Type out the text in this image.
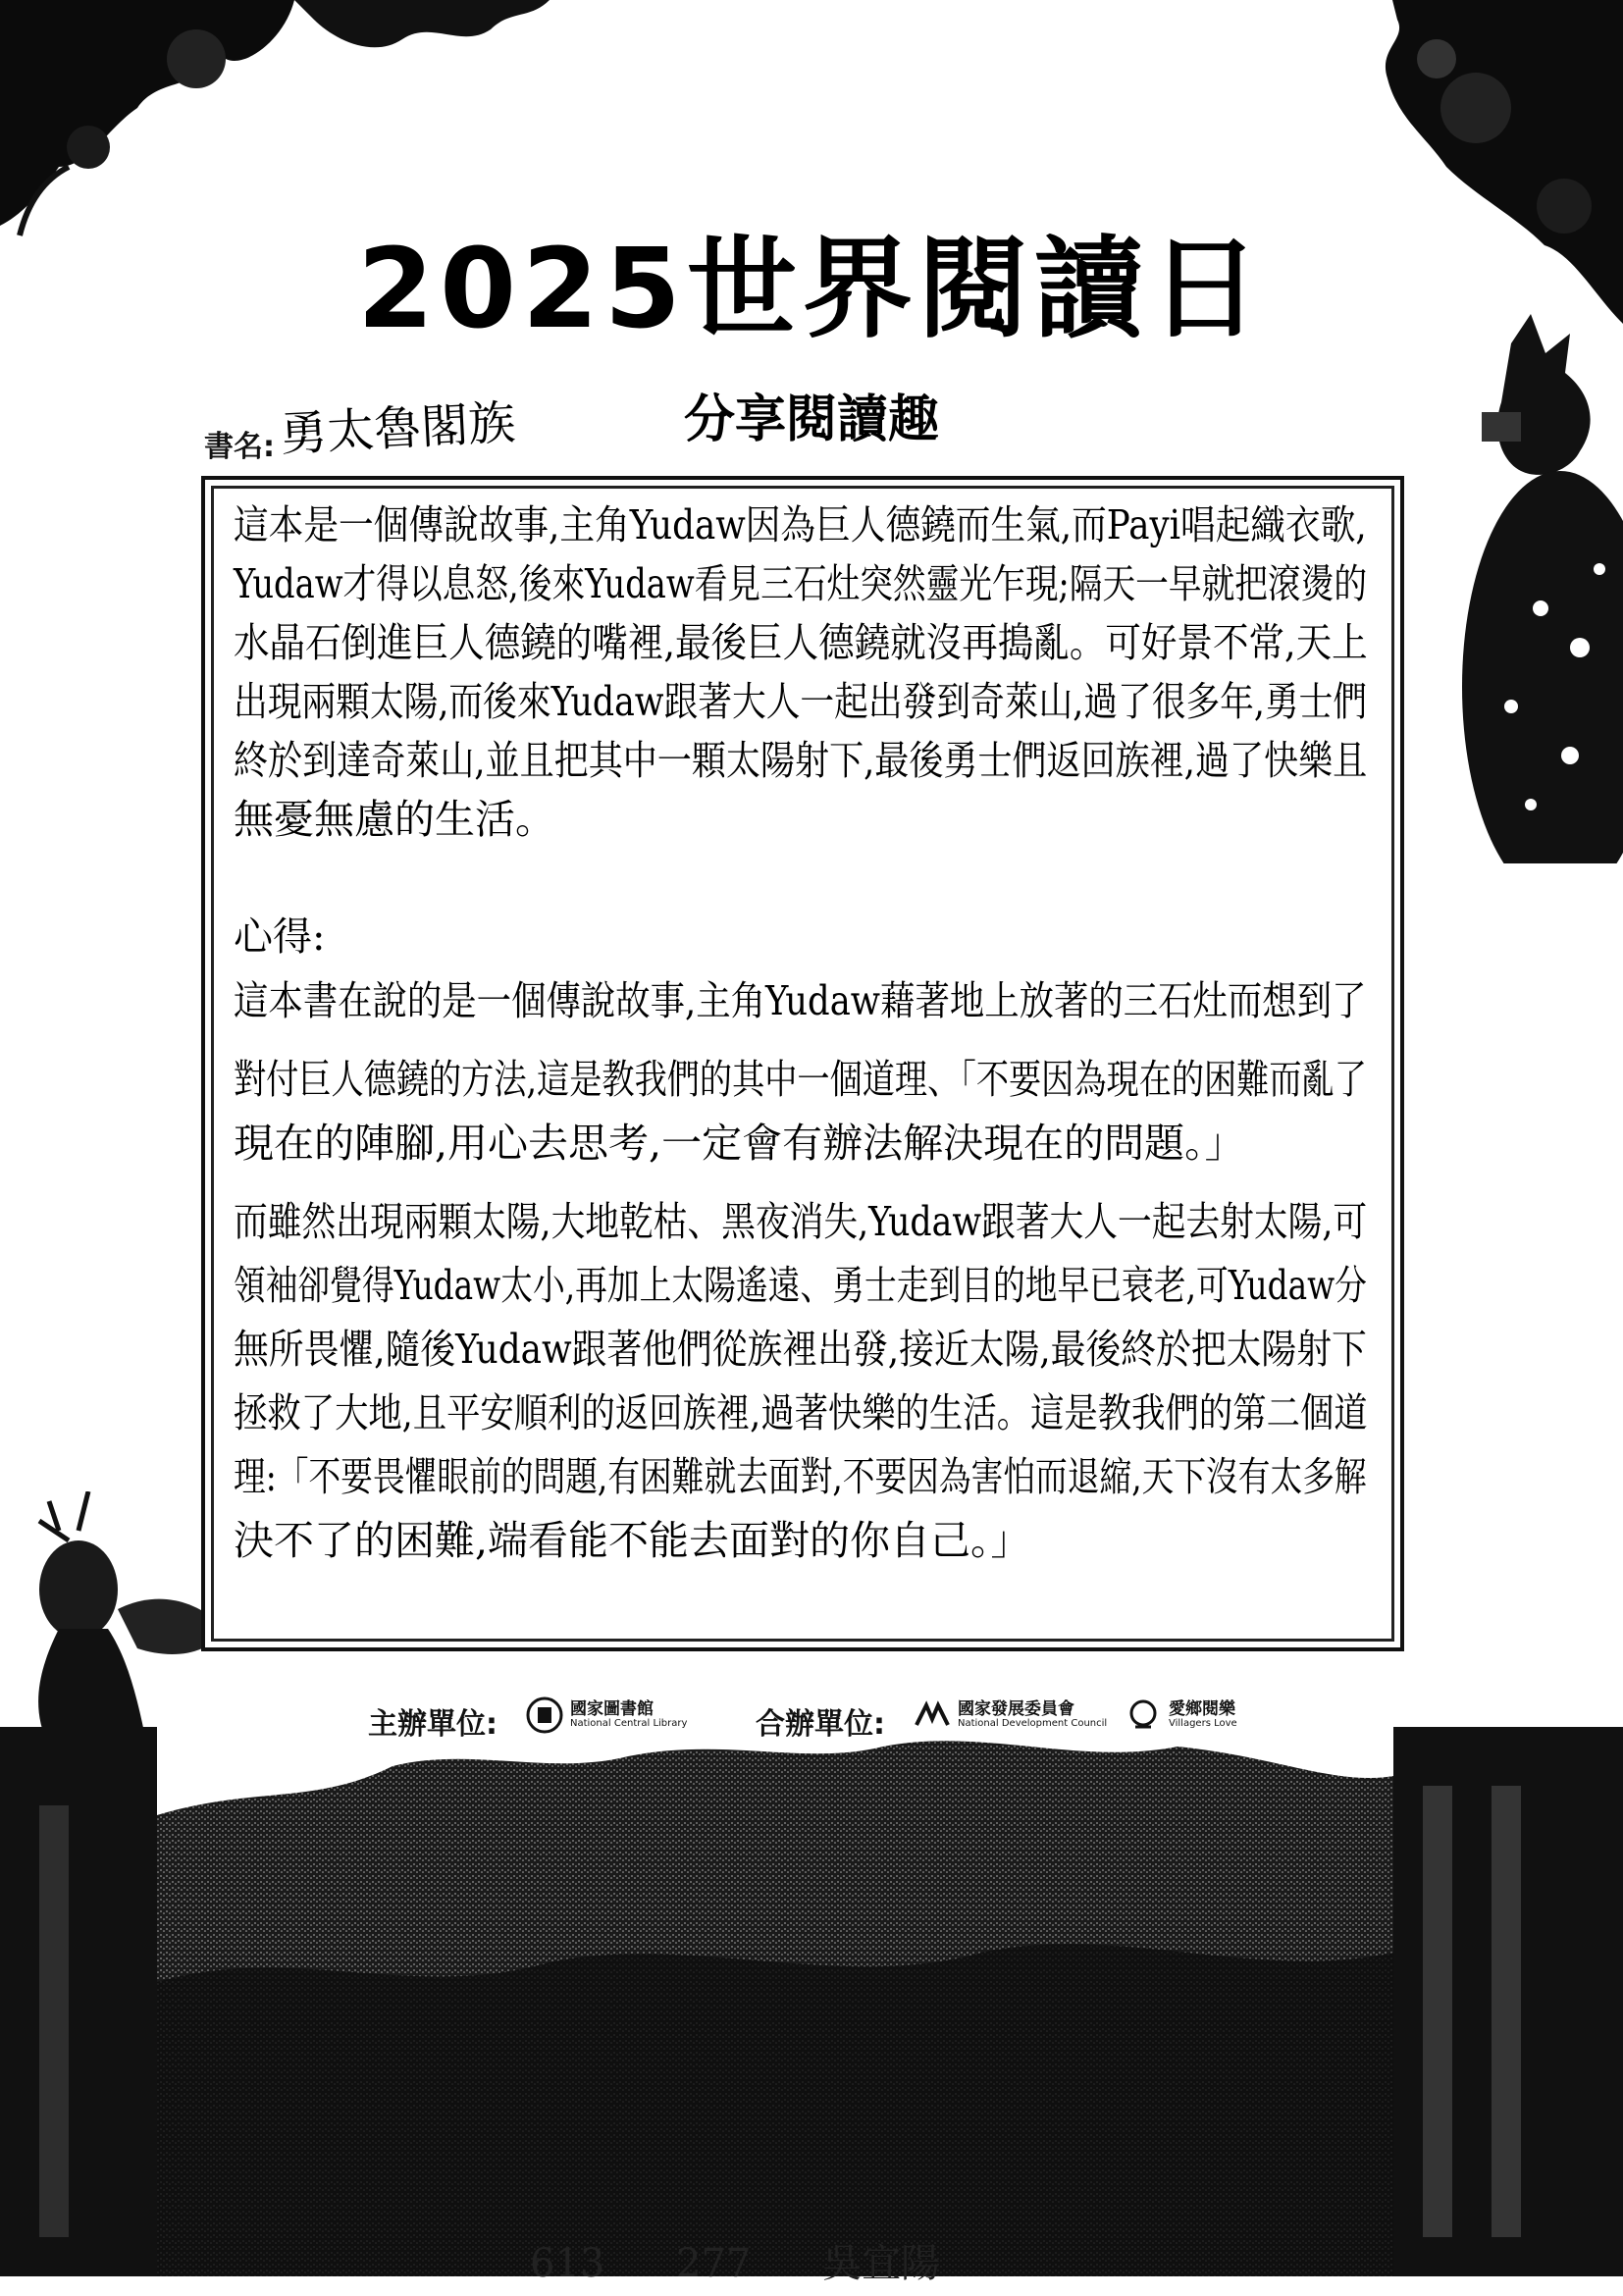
2025世界閱讀日
分享閱讀趣
書名: 勇太魯閣族
這本是一個傳說故事,主角Yudaw因為巨人德鐃而生氣,而Payi唱起織衣歌,
Yudaw才得以息怒,後來Yudaw看見三石灶突然靈光乍現;隔天一早就把滾燙的
水晶石倒進巨人德鐃的嘴裡,最後巨人德鐃就沒再搗亂。可好景不常,天上
出現兩顆太陽,而後來Yudaw跟著大人一起出發到奇萊山,過了很多年,勇士們
終於到達奇萊山,並且把其中一顆太陽射下,最後勇士們返回族裡,過了快樂且
無憂無慮的生活。
心得:
這本書在說的是一個傳說故事,主角Yudaw藉著地上放著的三石灶而想到了
對付巨人德鐃的方法,這是教我們的其中一個道理、「不要因為現在的困難而亂了
現在的陣腳,用心去思考,一定會有辦法解決現在的問題。」
而雖然出現兩顆太陽,大地乾枯、黑夜消失,Yudaw跟著大人一起去射太陽,可
領袖卻覺得Yudaw太小,再加上太陽遙遠、勇士走到目的地早已衰老,可Yudaw分
無所畏懼,隨後Yudaw跟著他們從族裡出發,接近太陽,最後終於把太陽射下
拯救了大地,且平安順利的返回族裡,過著快樂的生活。這是教我們的第二個道
理:「不要畏懼眼前的問題,有困難就去面對,不要因為害怕而退縮,天下沒有太多解
決不了的困難,端看能不能去面對的你自己。」
主辦單位:	國家圖書館
National Central Library 合辦單位:	國家發展委員會
National Development Council
愛鄉閱樂
Villagers Love
613 277 吳宜陽
